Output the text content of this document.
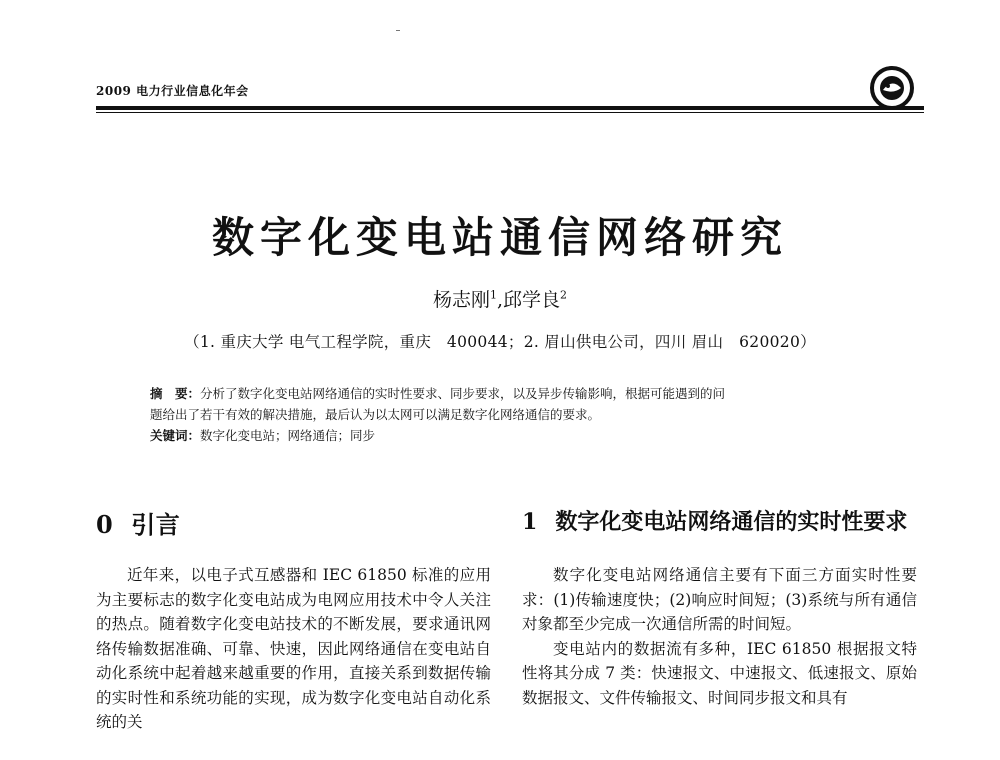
2009 电力行业信息化年会
数字化变电站通信网络研究
杨志刚$^1$,邱学良$^2$
（1. 重庆大学 电气工程学院，重庆　400044；2. 眉山供电公司，四川 眉山　620020）

摘　要：分析了数字化变电站网络通信的实时性要求、同步要求，以及异步传输影响，根据可能遇到的问

题给出了若干有效的解决措施，最后认为以太网可以满足数字化网络通信的要求。

关键词：数字化变电站；网络通信；同步

0 引言

近年来，以电子式互感器和 IEC 61850 标准的应用为主要标志的数字化变电站成为电网应用技术中令人关注的热点。随着数字化变电站技术的不断发展，要求通讯网络传输数据准确、可靠、快速，因此网络通信在变电站自动化系统中起着越来越重要的作用，直接关系到数据传输的实时性和系统功能的实现，成为数字化变电站自动化系统的关

1 数字化变电站网络通信的实时性要求

数字化变电站网络通信主要有下面三方面实时性要求：(1)传输速度快；(2)响应时间短；(3)系统与所有通信对象都至少完成一次通信所需的时间短。

变电站内的数据流有多种，IEC 61850 根据报文特性将其分成 7 类：快速报文、中速报文、低速报文、原始数据报文、文件传输报文、时间同步报文和具有
